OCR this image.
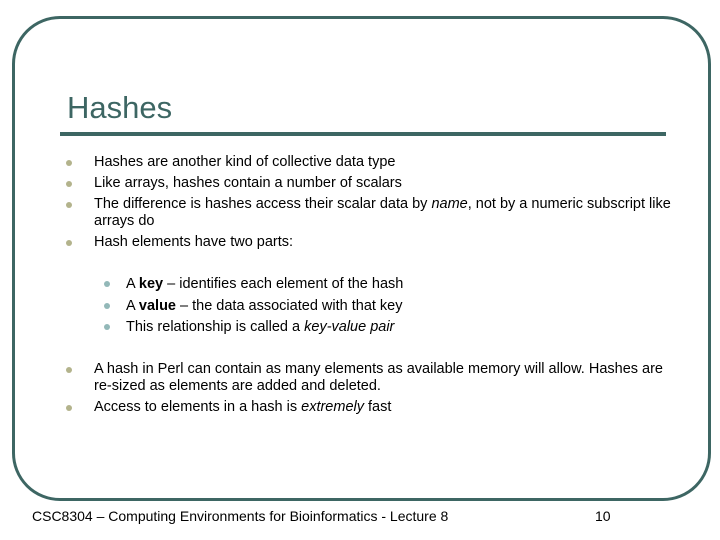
Hashes
Hashes are another kind of collective data type
Like arrays, hashes contain a number of scalars
The difference is hashes access their scalar data by name, not by a numeric subscript like arrays do
Hash elements have two parts:
A key – identifies each element of the hash
A value – the data associated with that key
This relationship is called a key-value pair
A hash in Perl can contain as many elements as available memory will allow. Hashes are re-sized as elements are added and deleted.
Access to elements in a hash is extremely fast
CSC8304 – Computing Environments for Bioinformatics - Lecture 8	10
